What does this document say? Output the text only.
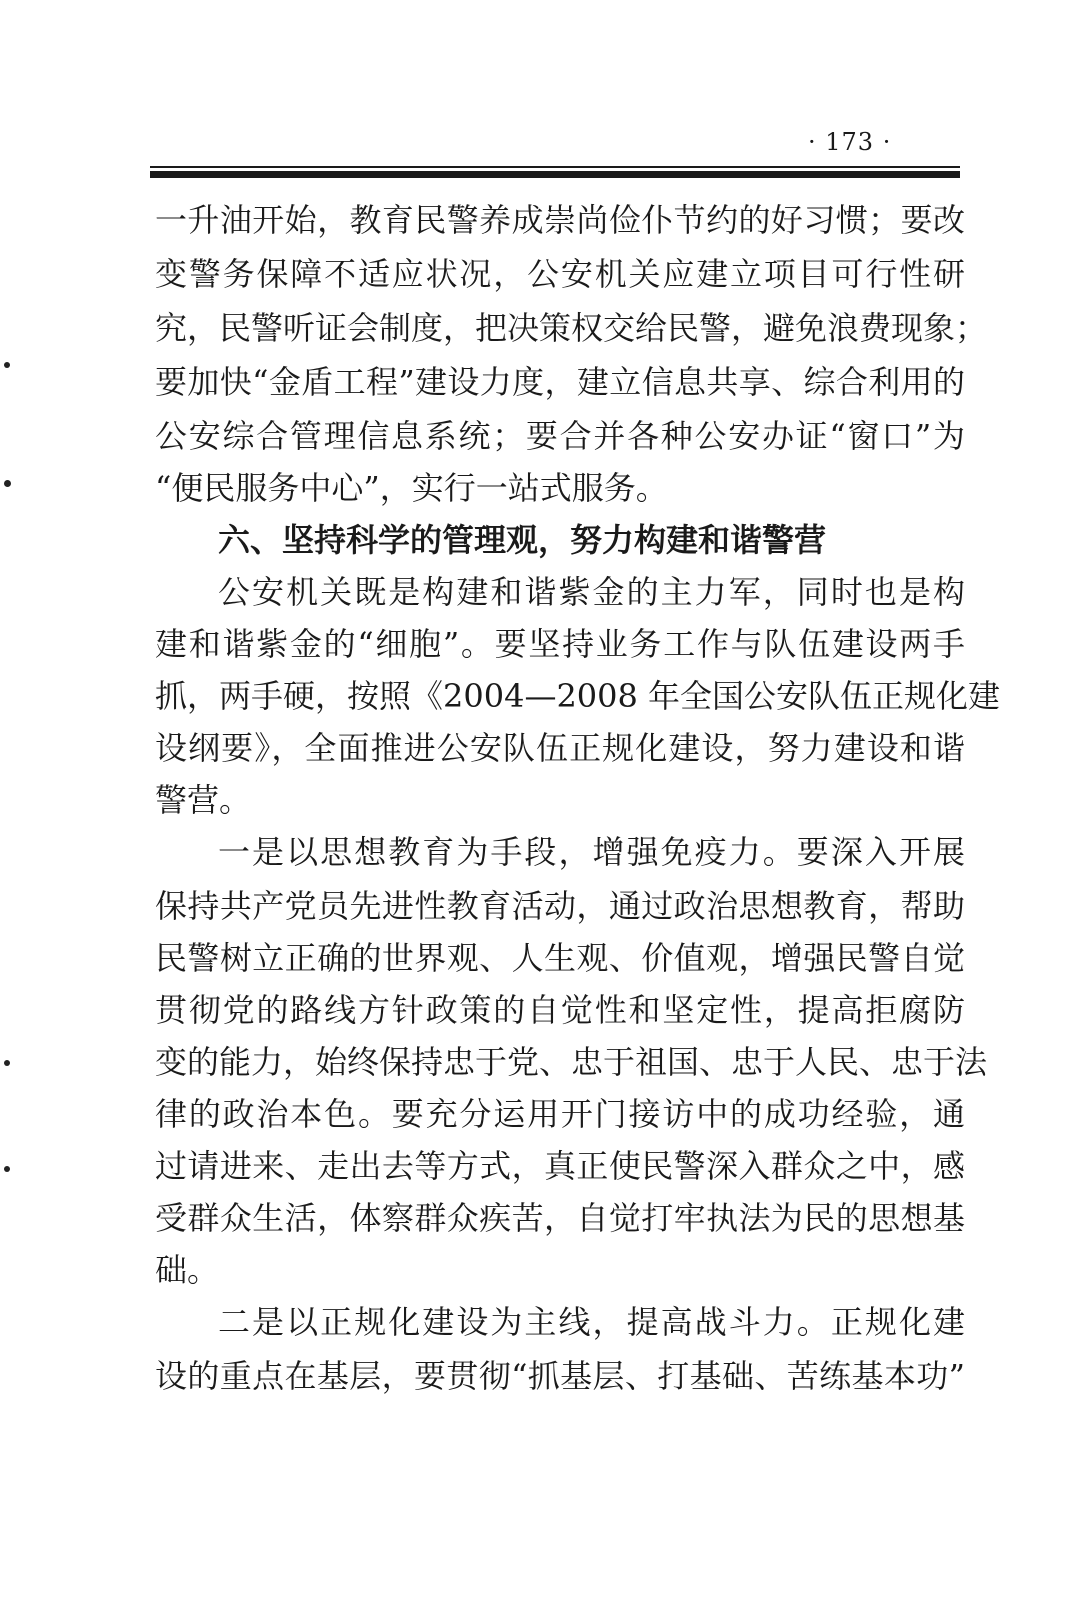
· 173 ·
一升油开始，教育民警养成崇尚俭仆节约的好习惯；要改
变警务保障不适应状况，公安机关应建立项目可行性研
究，民警听证会制度，把决策权交给民警，避免浪费现象；
要加快“金盾工程”建设力度，建立信息共享、综合利用的
公安综合管理信息系统；要合并各种公安办证“窗口”为
“便民服务中心”，实行一站式服务。
六、坚持科学的管理观，努力构建和谐警营
公安机关既是构建和谐紫金的主力军，同时也是构
建和谐紫金的“细胞”。要坚持业务工作与队伍建设两手
抓，两手硬，按照《2004—2008 年全国公安队伍正规化建
设纲要》，全面推进公安队伍正规化建设，努力建设和谐
警营。
一是以思想教育为手段，增强免疫力。要深入开展
保持共产党员先进性教育活动，通过政治思想教育，帮助
民警树立正确的世界观、人生观、价值观，增强民警自觉
贯彻党的路线方针政策的自觉性和坚定性，提高拒腐防
变的能力，始终保持忠于党、忠于祖国、忠于人民、忠于法
律的政治本色。要充分运用开门接访中的成功经验，通
过请进来、走出去等方式，真正使民警深入群众之中，感
受群众生活，体察群众疾苦，自觉打牢执法为民的思想基
础。
二是以正规化建设为主线，提高战斗力。正规化建
设的重点在基层，要贯彻“抓基层、打基础、苦练基本功”
